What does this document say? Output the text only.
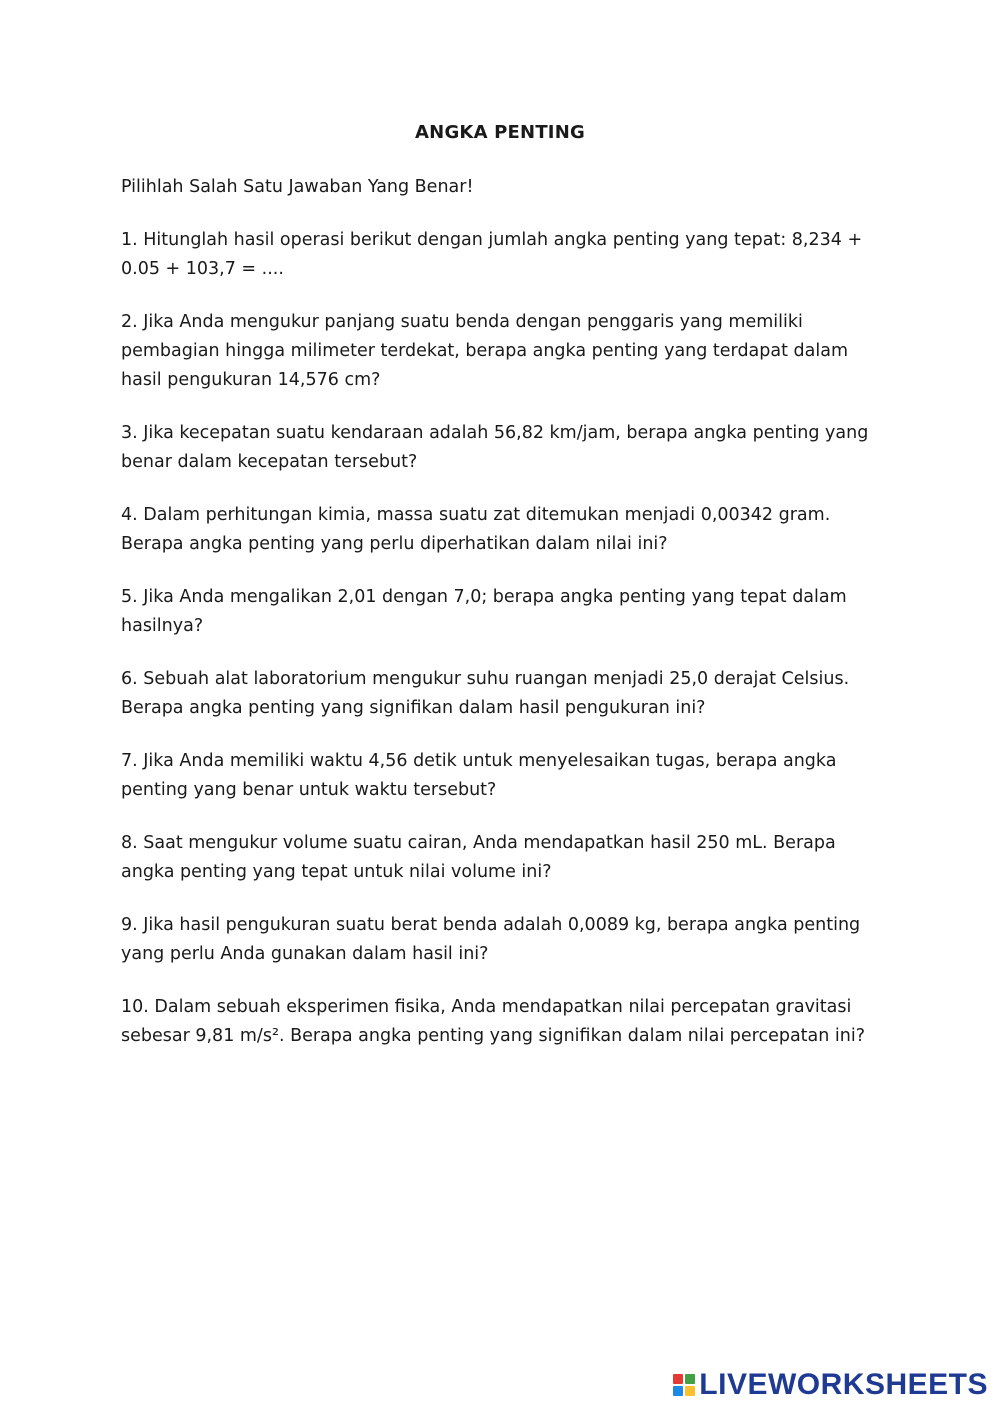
ANGKA PENTING

Pilihlah Salah Satu Jawaban Yang Benar!

1. Hitunglah hasil operasi berikut dengan jumlah angka penting yang tepat: 8,234 + 0.05 + 103,7 = ....

2. Jika Anda mengukur panjang suatu benda dengan penggaris yang memiliki pembagian hingga milimeter terdekat, berapa angka penting yang terdapat dalam hasil pengukuran 14,576 cm?

3. Jika kecepatan suatu kendaraan adalah 56,82 km/jam, berapa angka penting yang benar dalam kecepatan tersebut?

4. Dalam perhitungan kimia, massa suatu zat ditemukan menjadi 0,00342 gram. Berapa angka penting yang perlu diperhatikan dalam nilai ini?

5. Jika Anda mengalikan 2,01 dengan 7,0; berapa angka penting yang tepat dalam hasilnya?

6. Sebuah alat laboratorium mengukur suhu ruangan menjadi 25,0 derajat Celsius. Berapa angka penting yang signifikan dalam hasil pengukuran ini?

7. Jika Anda memiliki waktu 4,56 detik untuk menyelesaikan tugas, berapa angka penting yang benar untuk waktu tersebut?

8. Saat mengukur volume suatu cairan, Anda mendapatkan hasil 250 mL. Berapa angka penting yang tepat untuk nilai volume ini?

9. Jika hasil pengukuran suatu berat benda adalah 0,0089 kg, berapa angka penting yang perlu Anda gunakan dalam hasil ini?

10. Dalam sebuah eksperimen fisika, Anda mendapatkan nilai percepatan gravitasi sebesar 9,81 m/s². Berapa angka penting yang signifikan dalam nilai percepatan ini?

LIVEWORKSHEETS
